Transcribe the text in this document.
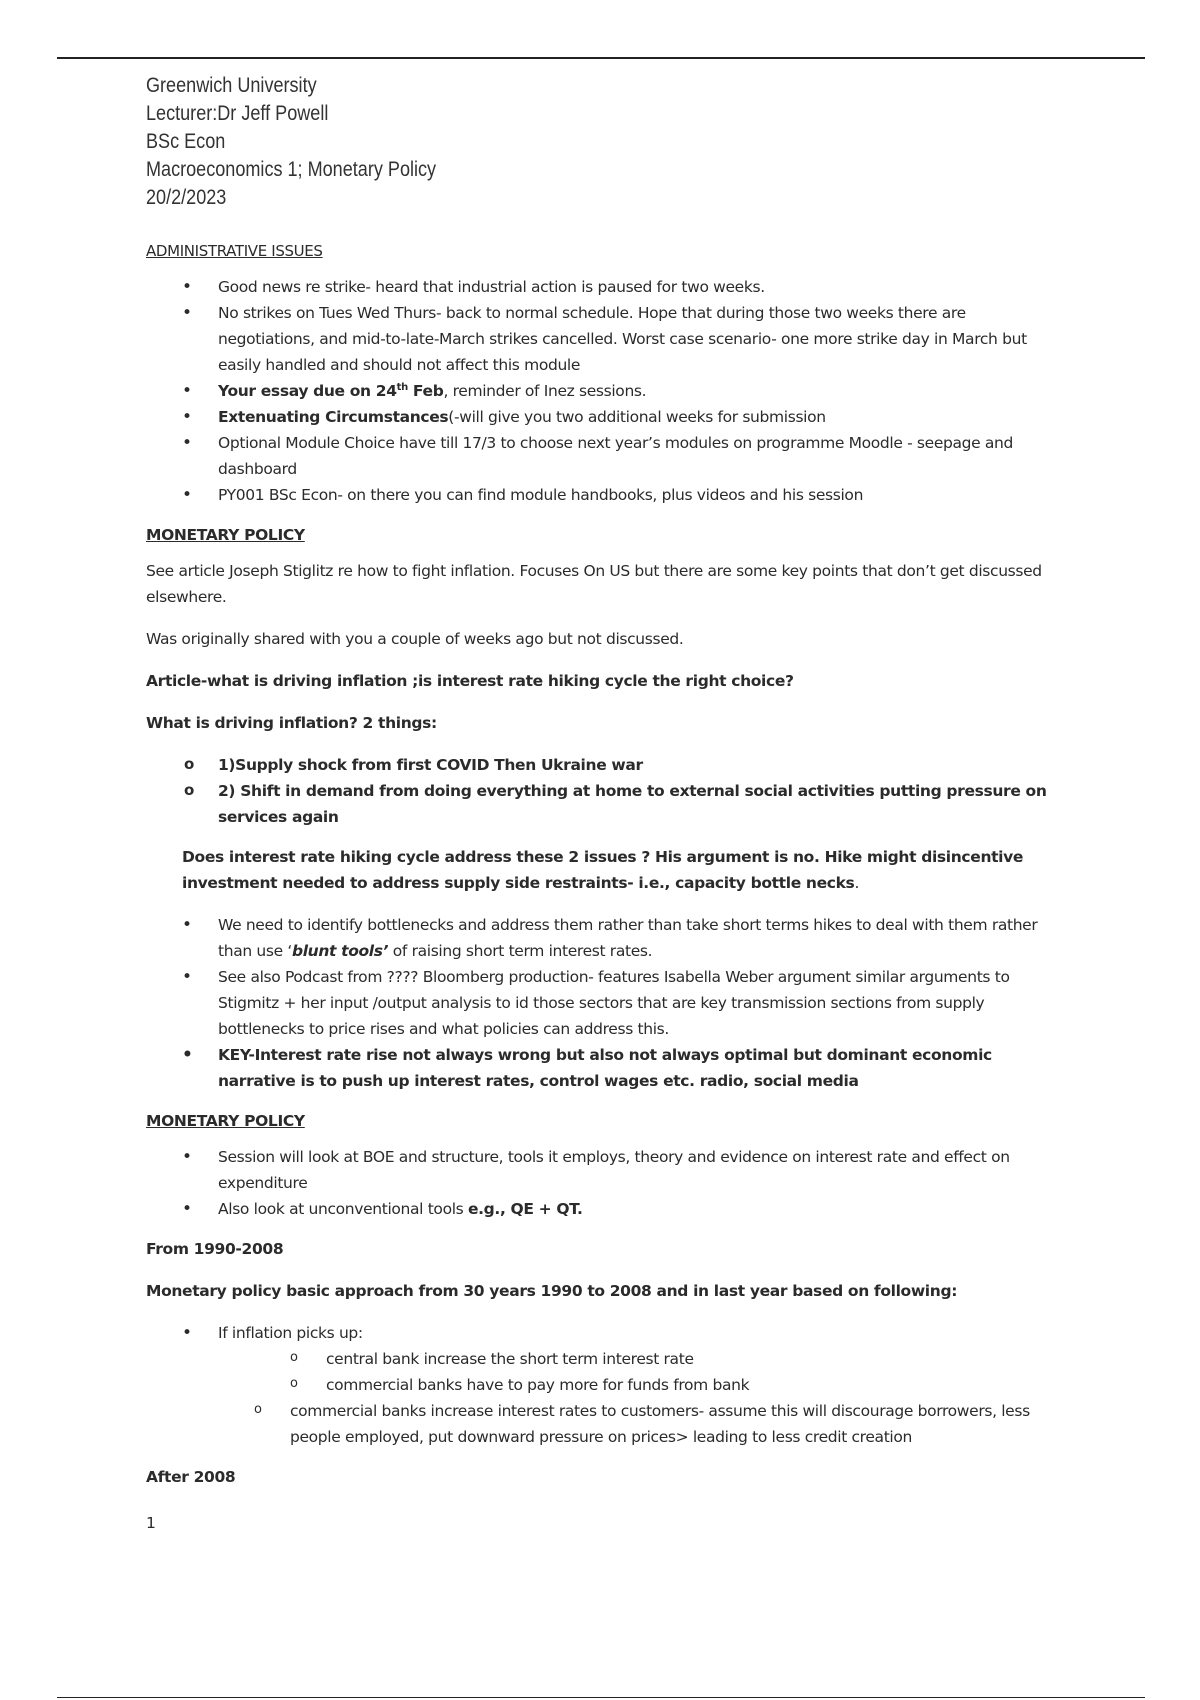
Greenwich University
Lecturer:Dr Jeff Powell
BSc Econ
Macroeconomics 1; Monetary Policy
20/2/2023
ADMINISTRATIVE ISSUES
• Good news re strike- heard that industrial action is paused for two weeks.
• No strikes on Tues Wed Thurs- back to normal schedule. Hope that during those two weeks there are negotiations, and mid-to-late-March strikes cancelled. Worst case scenario- one more strike day in March but easily handled and should not affect this module
• Your essay due on 24th Feb, reminder of Inez sessions.
• Extenuating Circumstances(-will give you two additional weeks for submission
• Optional Module Choice have till 17/3 to choose next year’s modules on programme Moodle - seepage and dashboard
• PY001 BSc Econ- on there you can find module handbooks, plus videos and his session
MONETARY POLICY

See article Joseph Stiglitz re how to fight inflation. Focuses On US but there are some key points that don’t get discussed elsewhere.

Was originally shared with you a couple of weeks ago but not discussed.

Article-what is driving inflation ;is interest rate hiking cycle the right choice?

What is driving inflation? 2 things:

o 1)Supply shock from first COVID Then Ukraine war
o 2) Shift in demand from doing everything at home to external social activities putting pressure on services again

Does interest rate hiking cycle address these 2 issues ? His argument is no. Hike might disincentive investment needed to address supply side restraints- i.e., capacity bottle necks.

• We need to identify bottlenecks and address them rather than take short terms hikes to deal with them rather than use ‘blunt tools’ of raising short term interest rates.
• See also Podcast from ???? Bloomberg production- features Isabella Weber argument similar arguments to Stigmitz + her input /output analysis to id those sectors that are key transmission sections from supply bottlenecks to price rises and what policies can address this.
• KEY-Interest rate rise not always wrong but also not always optimal but dominant economic narrative is to push up interest rates, control wages etc. radio, social media
MONETARY POLICY
• Session will look at BOE and structure, tools it employs, theory and evidence on interest rate and effect on expenditure
• Also look at unconventional tools e.g., QE + QT.

From 1990-2008

Monetary policy basic approach from 30 years 1990 to 2008 and in last year based on following:

• If inflation picks up:
o central bank increase the short term interest rate
o commercial banks have to pay more for funds from bank
o commercial banks increase interest rates to customers- assume this will discourage borrowers, less people employed, put downward pressure on prices> leading to less credit creation

After 2008

1
